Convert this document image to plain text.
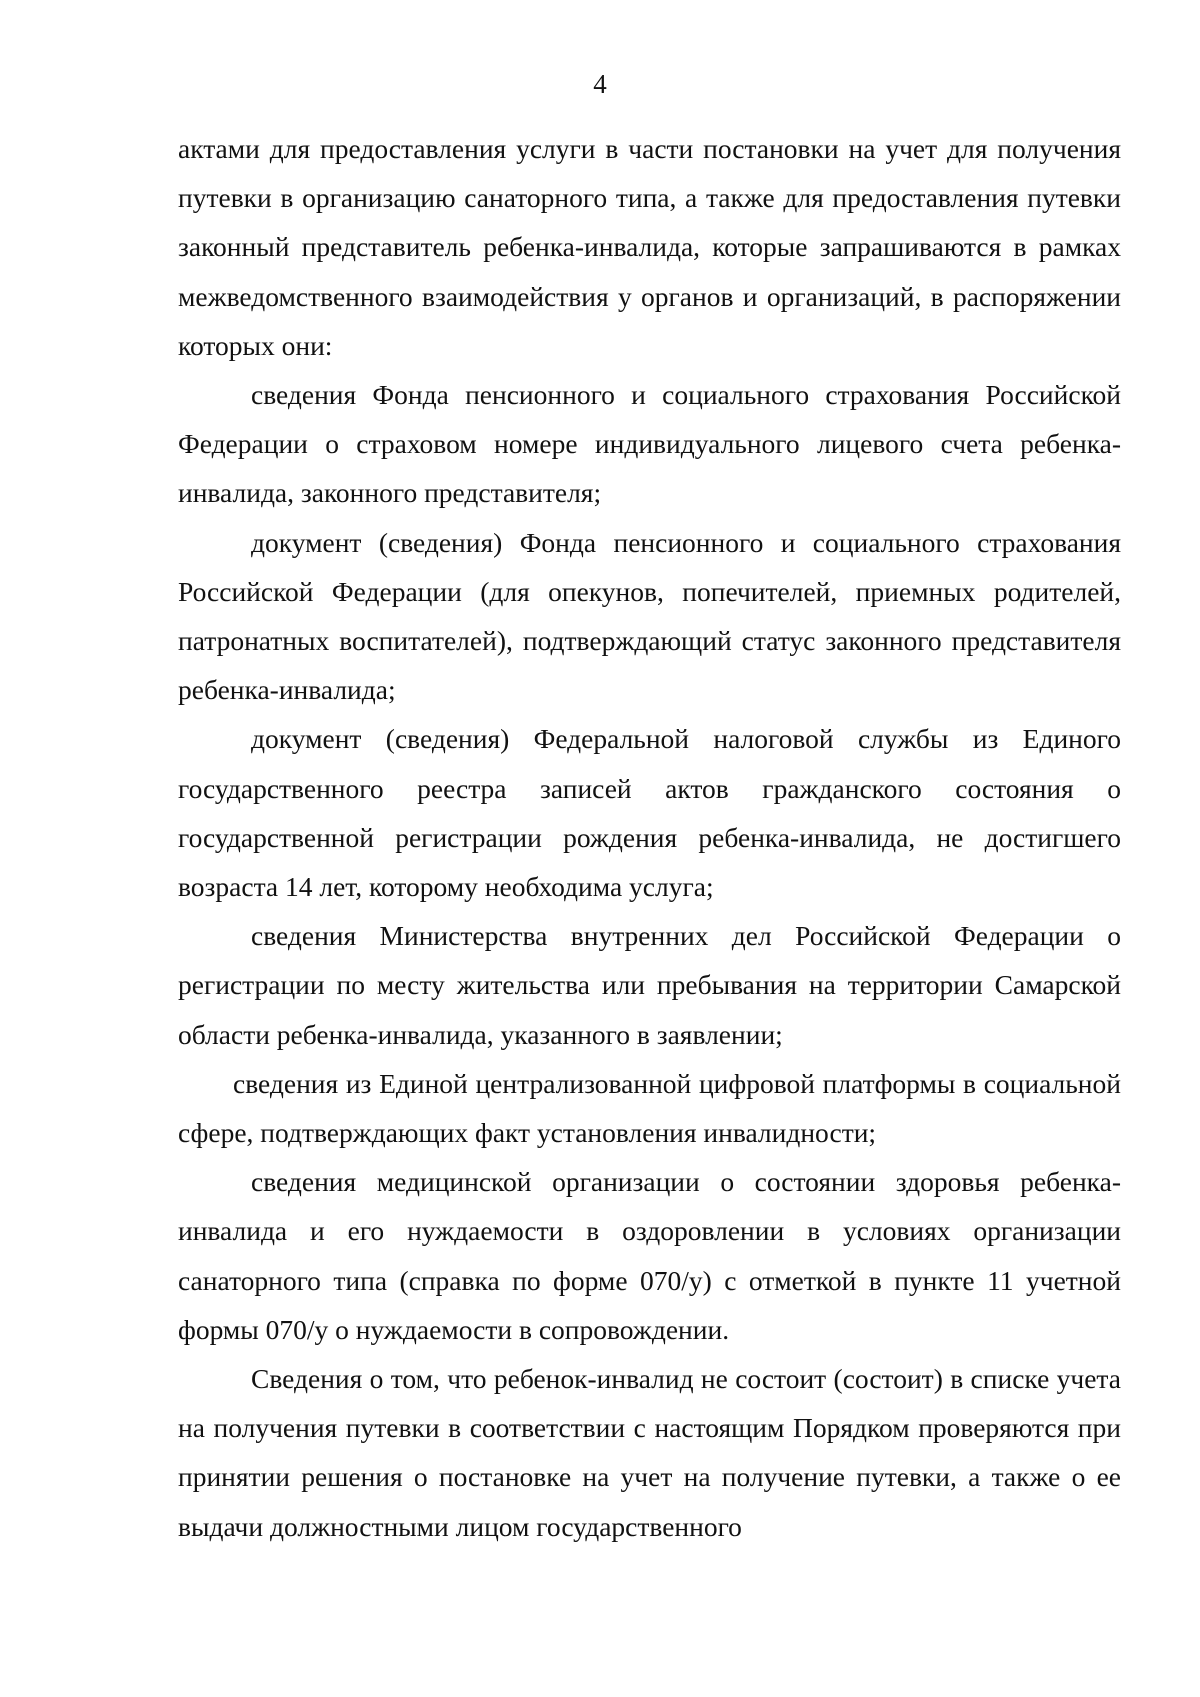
4

актами для предоставления услуги в части постановки на учет для получения путевки в организацию санаторного типа, а также для предоставления путевки законный представитель ребенка-инвалида, которые запрашиваются в рамках межведомственного взаимодействия у органов и организаций, в распоряжении которых они:

сведения Фонда пенсионного и социального страхования Российской Федерации о страховом номере индивидуального лицевого счета ребенка-инвалида, законного представителя;

документ (сведения) Фонда пенсионного и социального страхования Российской Федерации (для опекунов, попечителей, приемных родителей, патронатных воспитателей), подтверждающий статус законного представителя ребенка-инвалида;

документ (сведения) Федеральной налоговой службы из Единого государственного реестра записей актов гражданского состояния о государственной регистрации рождения ребенка-инвалида, не достигшего возраста 14 лет, которому необходима услуга;

сведения Министерства внутренних дел Российской Федерации о регистрации по месту жительства или пребывания на территории Самарской области ребенка-инвалида, указанного в заявлении;

сведения из Единой централизованной цифровой платформы в социальной сфере, подтверждающих факт установления инвалидности;

сведения медицинской организации о состоянии здоровья ребенка-инвалида и его нуждаемости в оздоровлении в условиях организации санаторного типа (справка по форме 070/у) с отметкой в пункте 11 учетной формы 070/у о нуждаемости в сопровождении.

Сведения о том, что ребенок-инвалид не состоит (состоит) в списке учета на получения путевки в соответствии с настоящим Порядком проверяются при принятии решения о постановке на учет на получение путевки, а также о ее выдачи должностными лицом государственного
